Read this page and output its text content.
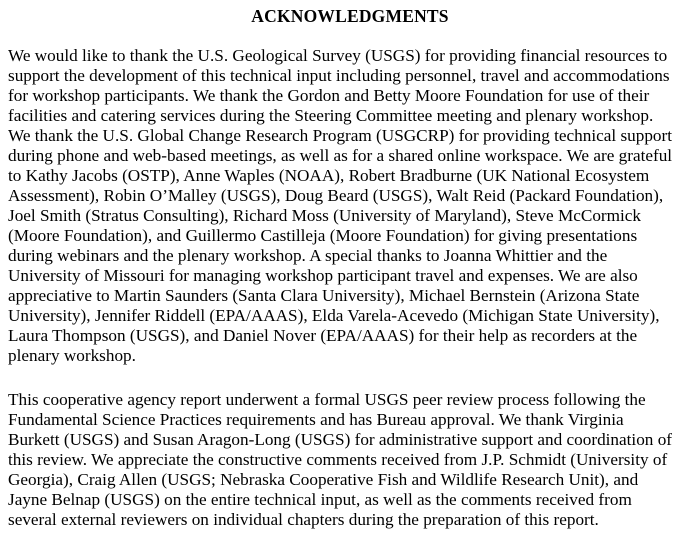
ACKNOWLEDGMENTS
We would like to thank the U.S. Geological Survey (USGS) for providing financial resources to
support the development of this technical input including personnel, travel and accommodations
for workshop participants. We thank the Gordon and Betty Moore Foundation for use of their
facilities and catering services during the Steering Committee meeting and plenary workshop.
We thank the U.S. Global Change Research Program (USGCRP) for providing technical support
during phone and web-based meetings, as well as for a shared online workspace. We are grateful
to Kathy Jacobs (OSTP), Anne Waples (NOAA), Robert Bradburne (UK National Ecosystem
Assessment), Robin O’Malley (USGS), Doug Beard (USGS), Walt Reid (Packard Foundation),
Joel Smith (Stratus Consulting), Richard Moss (University of Maryland), Steve McCormick
(Moore Foundation), and Guillermo Castilleja (Moore Foundation) for giving presentations
during webinars and the plenary workshop. A special thanks to Joanna Whittier and the
University of Missouri for managing workshop participant travel and expenses. We are also
appreciative to Martin Saunders (Santa Clara University), Michael Bernstein (Arizona State
University), Jennifer Riddell (EPA/AAAS), Elda Varela-Acevedo (Michigan State University),
Laura Thompson (USGS), and Daniel Nover (EPA/AAAS) for their help as recorders at the
plenary workshop.
This cooperative agency report underwent a formal USGS peer review process following the
Fundamental Science Practices requirements and has Bureau approval. We thank Virginia
Burkett (USGS) and Susan Aragon-Long (USGS) for administrative support and coordination of
this review. We appreciate the constructive comments received from J.P. Schmidt (University of
Georgia), Craig Allen (USGS; Nebraska Cooperative Fish and Wildlife Research Unit), and
Jayne Belnap (USGS) on the entire technical input, as well as the comments received from
several external reviewers on individual chapters during the preparation of this report.
